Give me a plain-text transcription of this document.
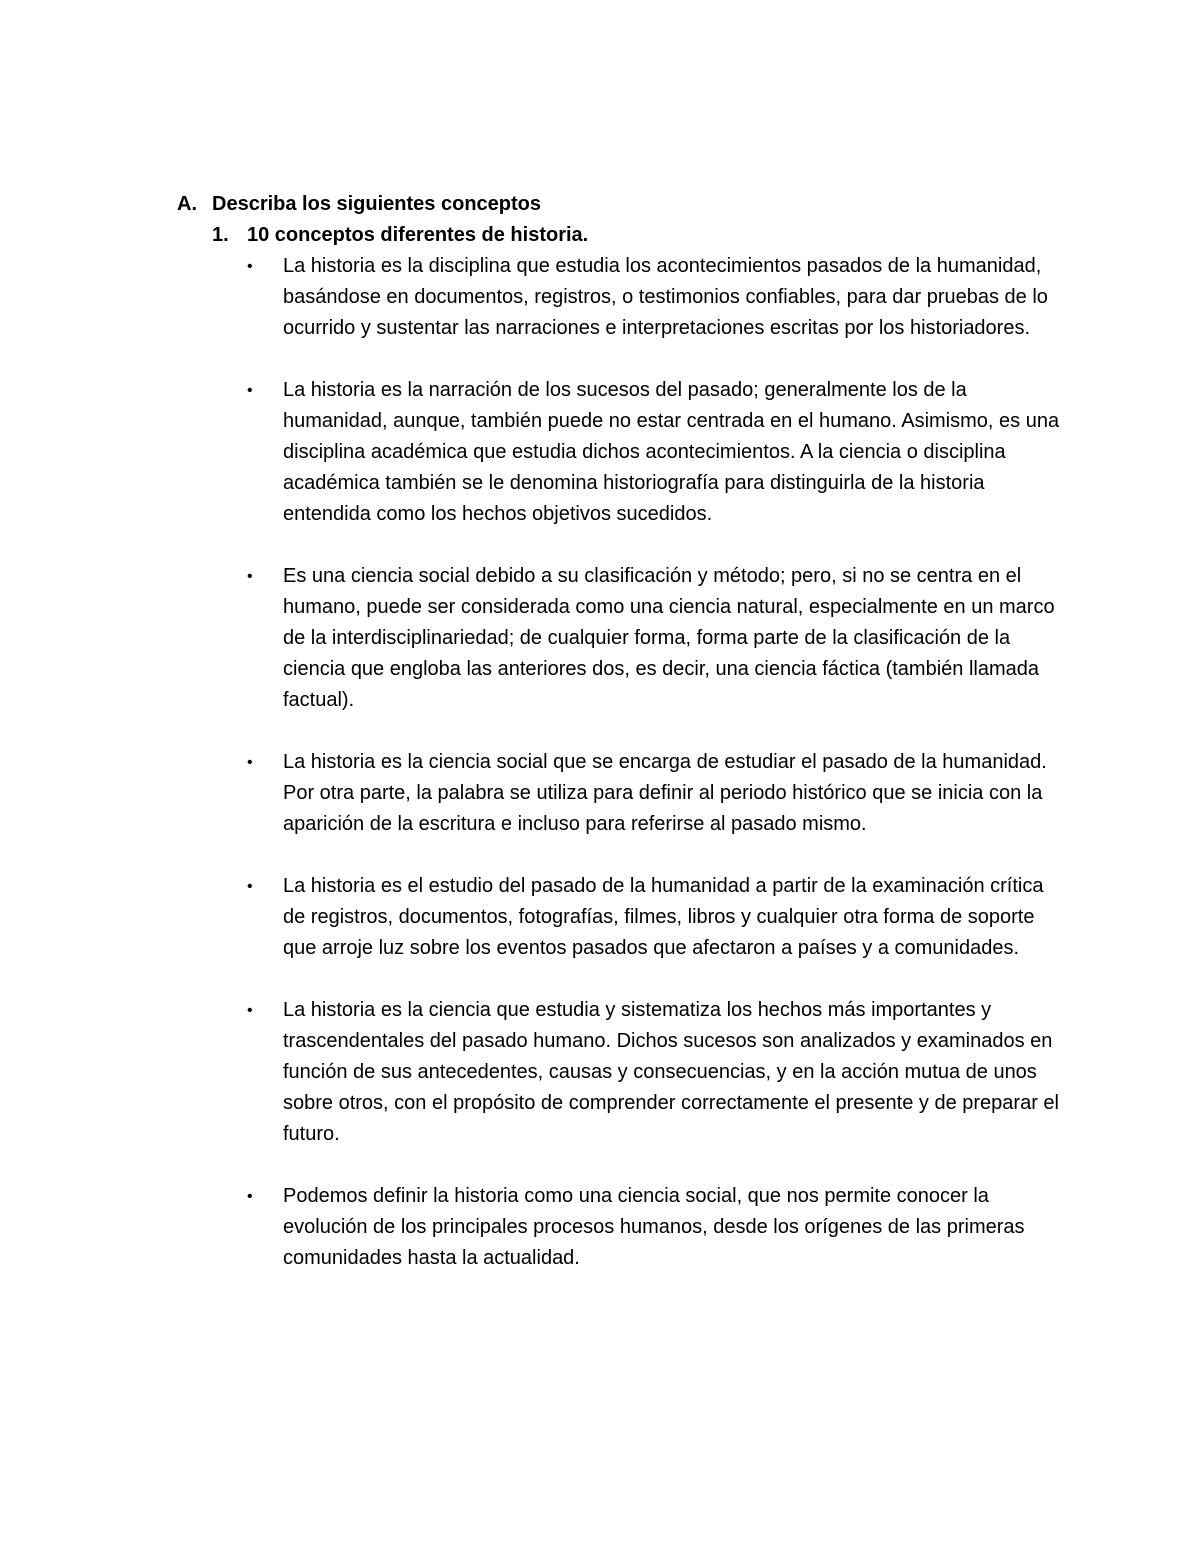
A. Describa los siguientes conceptos
1. 10 conceptos diferentes de historia.
•	La historia es la disciplina que estudia los acontecimientos pasados de la humanidad, basándose en documentos, registros, o testimonios confiables, para dar pruebas de lo ocurrido y sustentar las narraciones e interpretaciones escritas por los historiadores.
•	La historia es la narración de los sucesos del pasado; generalmente los de la humanidad, aunque, también puede no estar centrada en el humano. Asimismo, es una disciplina académica que estudia dichos acontecimientos. A la ciencia o disciplina académica también se le denomina historiografía para distinguirla de la historia entendida como los hechos objetivos sucedidos.
•	Es una ciencia social debido a su clasificación y método; pero, si no se centra en el humano, puede ser considerada como una ciencia natural, especialmente en un marco de la interdisciplinariedad; de cualquier forma, forma parte de la clasificación de la ciencia que engloba las anteriores dos, es decir, una ciencia fáctica (también llamada factual).
•	La historia es la ciencia social que se encarga de estudiar el pasado de la humanidad. Por otra parte, la palabra se utiliza para definir al periodo histórico que se inicia con la aparición de la escritura e incluso para referirse al pasado mismo.
•	La historia es el estudio del pasado de la humanidad a partir de la examinación crítica de registros, documentos, fotografías, filmes, libros y cualquier otra forma de soporte que arroje luz sobre los eventos pasados que afectaron a países y a comunidades.
•	La historia es la ciencia que estudia y sistematiza los hechos más importantes y trascendentales del pasado humano. Dichos sucesos son analizados y examinados en función de sus antecedentes, causas y consecuencias, y en la acción mutua de unos sobre otros, con el propósito de comprender correctamente el presente y de preparar el futuro.
•	Podemos definir la historia como una ciencia social, que nos permite conocer la evolución de los principales procesos humanos, desde los orígenes de las primeras comunidades hasta la actualidad.
